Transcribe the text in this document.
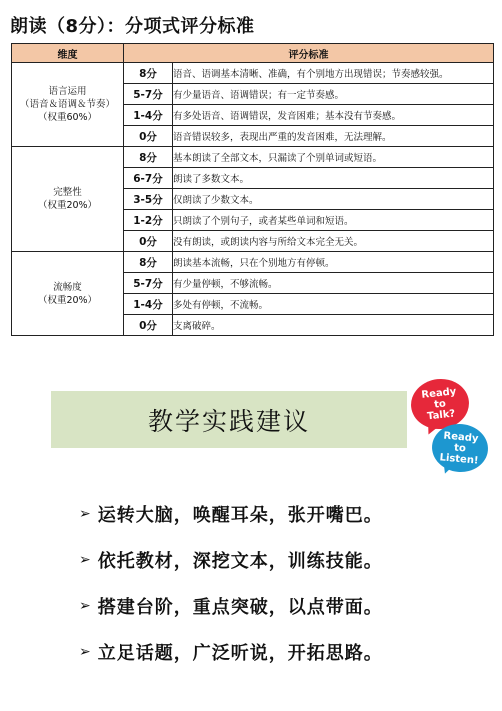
朗读（8分）：分项式评分标准
维度	评分标准	

语言运用
（语音＆语调＆节奏）
（权重60%）	8分	语音、语调基本清晰、准确，有个别地方出现错误；节奏感较强。
	5-7分	有少量语音、语调错误；有一定节奏感。
	1-4分	有多处语音、语调错误，发音困难；基本没有节奏感。
	0分	语音错误较多，表现出严重的发音困难，无法理解。

完整性
（权重20%）	8分	基本朗读了全部文本，只漏读了个别单词或短语。
	6-7分	朗读了多数文本。
	3-5分	仅朗读了少数文本。
	1-2分	只朗读了个别句子，或者某些单词和短语。
	0分	没有朗读，或朗读内容与所给文本完全无关。

流畅度
（权重20%）	8分	朗读基本流畅，只在个别地方有停顿。
	5-7分	有少量停顿，不够流畅。
	1-4分	多处有停顿，不流畅。
	0分	支离破碎。
教学实践建议
Ready
to
Talk?
Ready
to
Listen!
➢ 运转大脑，唤醒耳朵，张开嘴巴。
➢ 依托教材，深挖文本，训练技能。
➢ 搭建台阶，重点突破，以点带面。
➢ 立足话题，广泛听说，开拓思路。
